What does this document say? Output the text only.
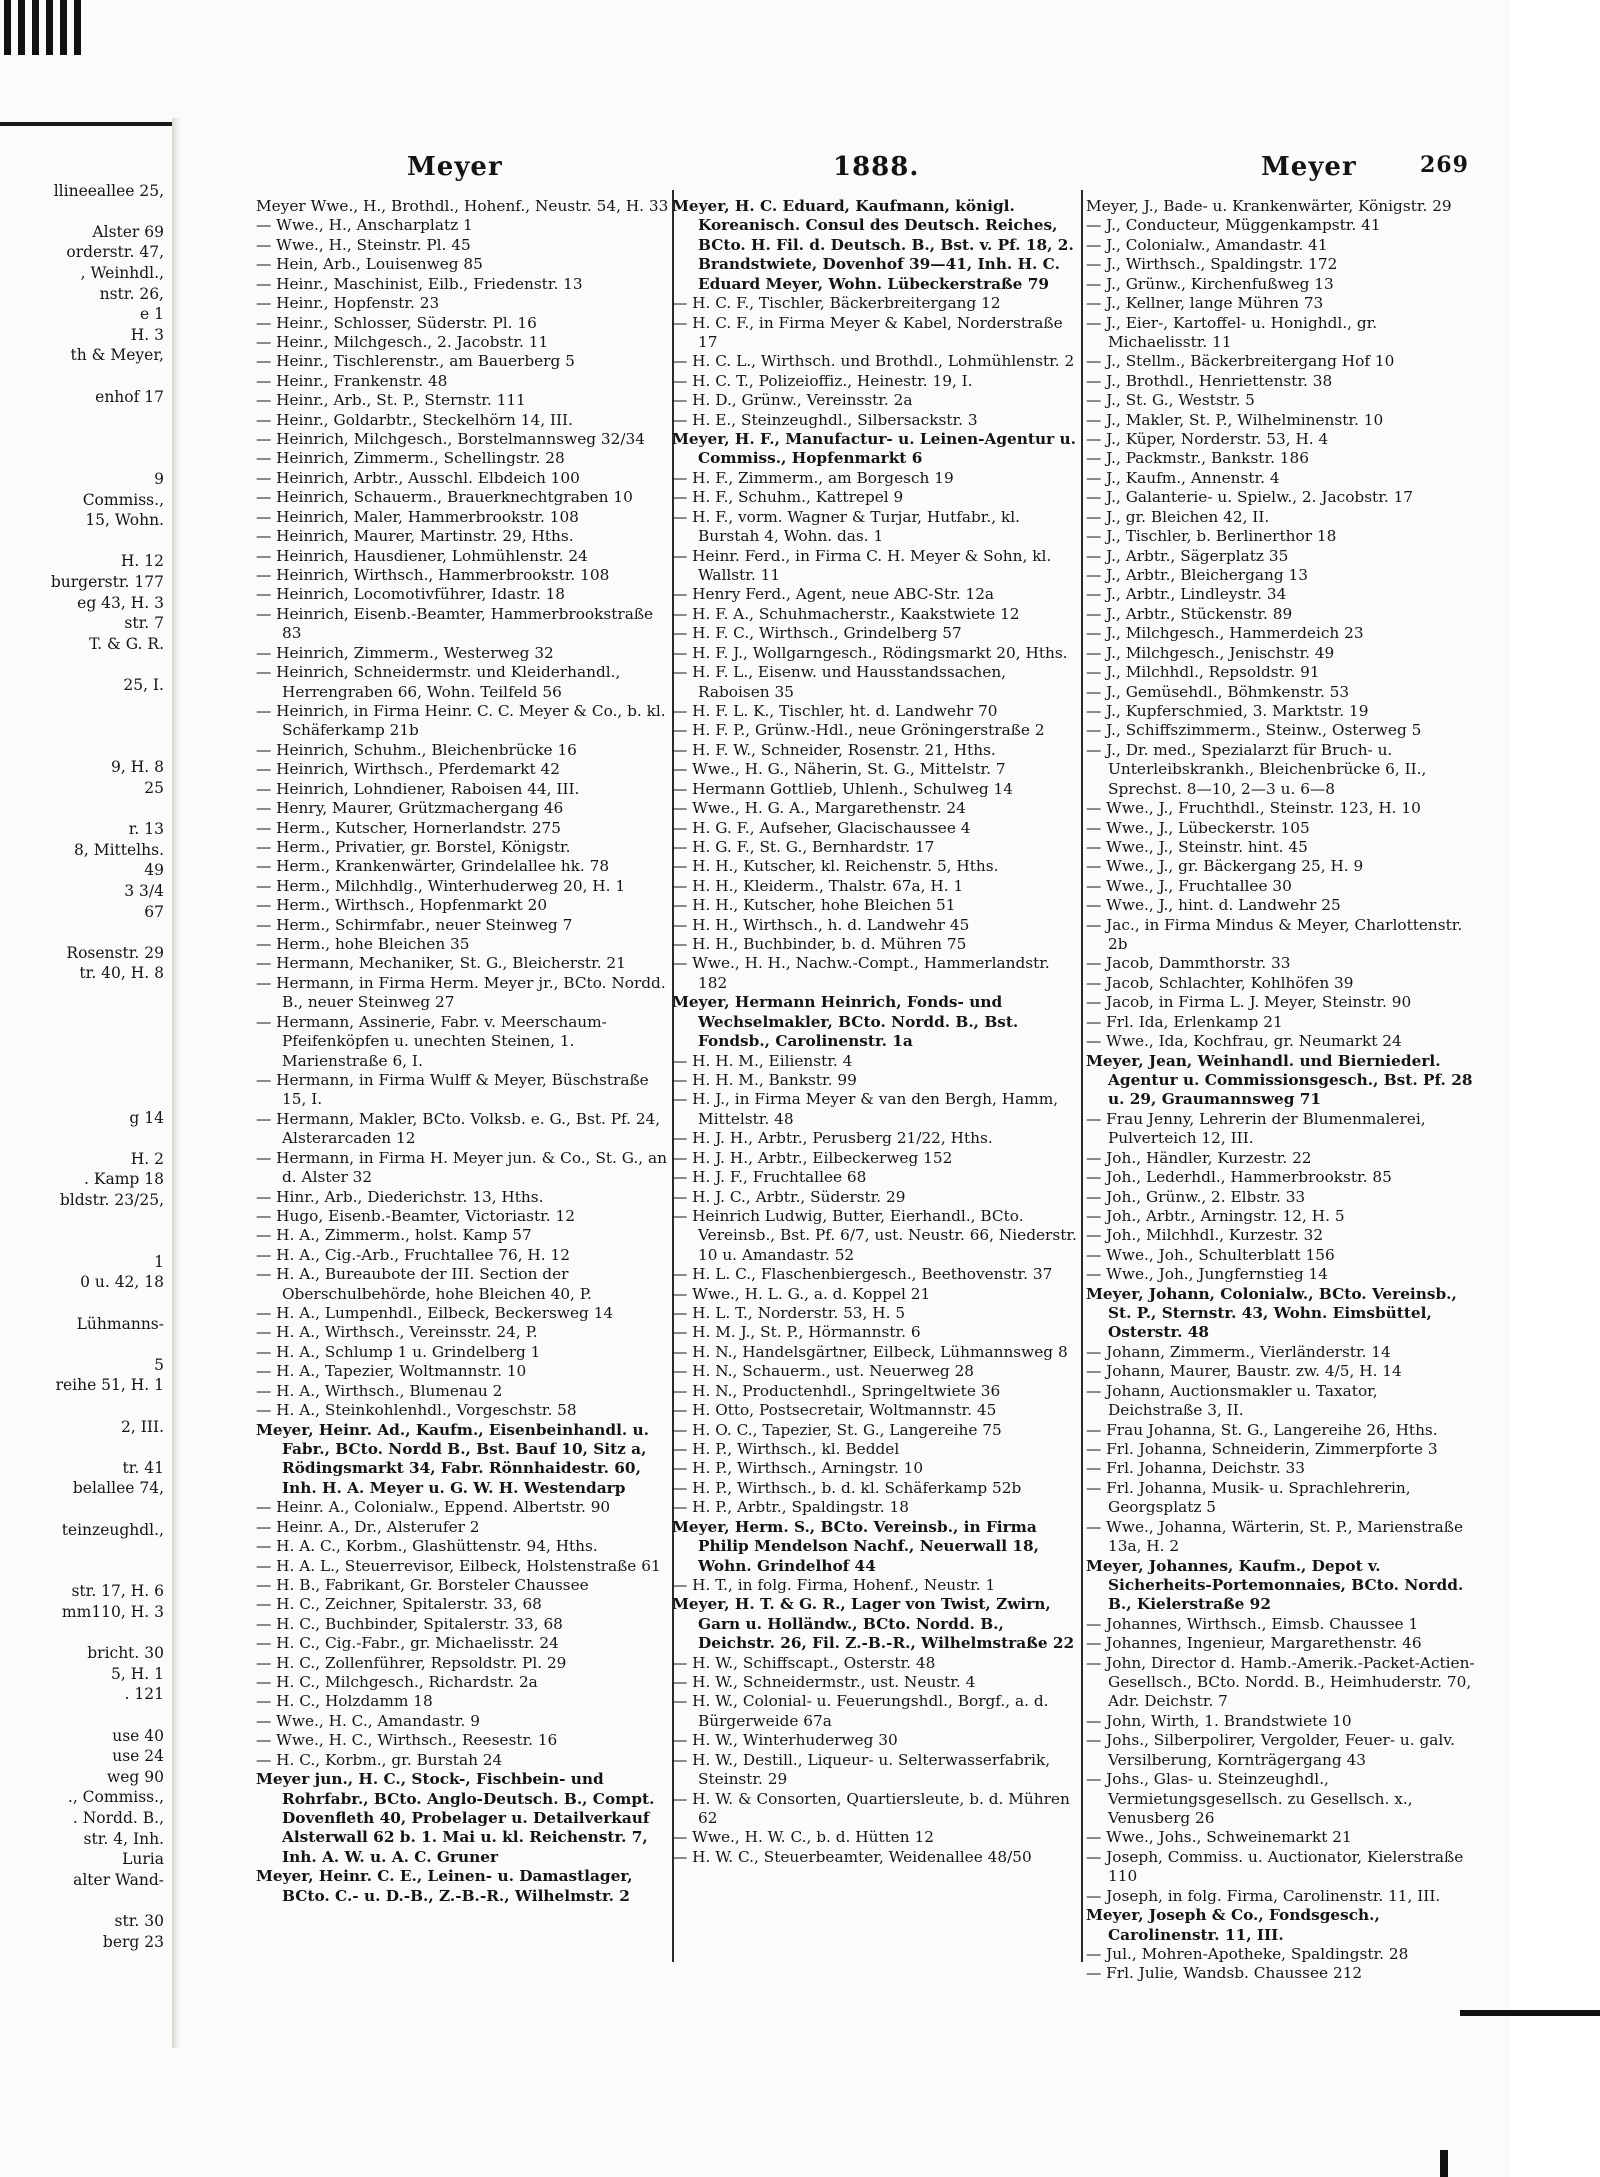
llineeallee 25,
Alster 69
orderstr. 47,
, Weinhdl.,
nstr. 26,
e 1
H. 3
th & Meyer,
enhof 17
9
Commiss.,
15, Wohn.
H. 12
burgerstr. 177
eg 43, H. 3
str. 7
T. & G. R.
25, I.
9, H. 8
25
r. 13
8, Mittelhs.
49
3 3/4
67
Rosenstr. 29
tr. 40, H. 8
g 14
H. 2
. Kamp 18
bldstr. 23/25,
1
0 u. 42, 18
Lühmanns-
5
reihe 51, H. 1
2, III.
tr. 41
belallee 74,
teinzeughdl.,
str. 17, H. 6
mm110, H. 3
bricht. 30
5, H. 1
. 121
use 40
use 24
weg 90
., Commiss.,
. Nordd. B.,
str. 4, Inh.
Luria
alter Wand-
str. 30
berg 23
Meyer	1888.	Meyer	269

Meyer Wwe., H., Brothdl., Hohenf., Neustr. 54, H. 33

— Wwe., H., Anscharplatz 1

— Wwe., H., Steinstr. Pl. 45

— Hein, Arb., Louisenweg 85

— Heinr., Maschinist, Eilb., Friedenstr. 13

— Heinr., Hopfenstr. 23

— Heinr., Schlosser, Süderstr. Pl. 16

— Heinr., Milchgesch., 2. Jacobstr. 11

— Heinr., Tischlerenstr., am Bauerberg 5

— Heinr., Frankenstr. 48

— Heinr., Arb., St. P., Sternstr. 111

— Heinr., Goldarbtr., Steckelhörn 14, III.

— Heinrich, Milchgesch., Borstelmannsweg 32/34

— Heinrich, Zimmerm., Schellingstr. 28

— Heinrich, Arbtr., Ausschl. Elbdeich 100

— Heinrich, Schauerm., Brauerknechtgraben 10

— Heinrich, Maler, Hammerbrookstr. 108

— Heinrich, Maurer, Martinstr. 29, Hths.

— Heinrich, Hausdiener, Lohmühlenstr. 24

— Heinrich, Wirthsch., Hammerbrookstr. 108

— Heinrich, Locomotivführer, Idastr. 18

— Heinrich, Eisenb.-Beamter, Hammerbrookstraße 83

— Heinrich, Zimmerm., Westerweg 32

— Heinrich, Schneidermstr. und Kleiderhandl., Herrengraben 66, Wohn. Teilfeld 56

— Heinrich, in Firma Heinr. C. C. Meyer & Co., b. kl. Schäferkamp 21b

— Heinrich, Schuhm., Bleichenbrücke 16

— Heinrich, Wirthsch., Pferdemarkt 42

— Heinrich, Lohndiener, Raboisen 44, III.

— Henry, Maurer, Grützmachergang 46

— Herm., Kutscher, Hornerlandstr. 275

— Herm., Privatier, gr. Borstel, Königstr.

— Herm., Krankenwärter, Grindelallee hk. 78

— Herm., Milchhdlg., Winterhuderweg 20, H. 1

— Herm., Wirthsch., Hopfenmarkt 20

— Herm., Schirmfabr., neuer Steinweg 7

— Herm., hohe Bleichen 35

— Hermann, Mechaniker, St. G., Bleicherstr. 21

— Hermann, in Firma Herm. Meyer jr., BCto. Nordd. B., neuer Steinweg 27

— Hermann, Assinerie, Fabr. v. Meerschaum-Pfeifenköpfen u. unechten Steinen, 1. Marienstraße 6, I.

— Hermann, in Firma Wulff & Meyer, Büschstraße 15, I.

— Hermann, Makler, BCto. Volksb. e. G., Bst. Pf. 24, Alsterarcaden 12

— Hermann, in Firma H. Meyer jun. & Co., St. G., an d. Alster 32

— Hinr., Arb., Diederichstr. 13, Hths.

— Hugo, Eisenb.-Beamter, Victoriastr. 12

— H. A., Zimmerm., holst. Kamp 57

— H. A., Cig.-Arb., Fruchtallee 76, H. 12

— H. A., Bureaubote der III. Section der Oberschulbehörde, hohe Bleichen 40, P.

— H. A., Lumpenhdl., Eilbeck, Beckersweg 14

— H. A., Wirthsch., Vereinsstr. 24, P.

— H. A., Schlump 1 u. Grindelberg 1

— H. A., Tapezier, Woltmannstr. 10

— H. A., Wirthsch., Blumenau 2

— H. A., Steinkohlenhdl., Vorgeschstr. 58

Meyer, Heinr. Ad., Kaufm., Eisenbeinhandl. u. Fabr., BCto. Nordd B., Bst. Bauf 10, Sitz a, Rödingsmarkt 34, Fabr. Rönnhaidestr. 60, Inh. H. A. Meyer u. G. W. H. Westendarp

— Heinr. A., Colonialw., Eppend. Albertstr. 90

— Heinr. A., Dr., Alsterufer 2

— H. A. C., Korbm., Glashüttenstr. 94, Hths.

— H. A. L., Steuerrevisor, Eilbeck, Holstenstraße 61

— H. B., Fabrikant, Gr. Borsteler Chaussee

— H. C., Zeichner, Spitalerstr. 33, 68

— H. C., Buchbinder, Spitalerstr. 33, 68

— H. C., Cig.-Fabr., gr. Michaelisstr. 24

— H. C., Zollenführer, Repsoldstr. Pl. 29

— H. C., Milchgesch., Richardstr. 2a

— H. C., Holzdamm 18

— Wwe., H. C., Amandastr. 9

— Wwe., H. C., Wirthsch., Reesestr. 16

— H. C., Korbm., gr. Burstah 24

Meyer jun., H. C., Stock-, Fischbein- und Rohrfabr., BCto. Anglo-Deutsch. B., Compt. Dovenfleth 40, Probelager u. Detailverkauf Alsterwall 62 b. 1. Mai u. kl. Reichenstr. 7, Inh. A. W. u. A. C. Gruner

Meyer, Heinr. C. E., Leinen- u. Damastlager, BCto. C.- u. D.-B., Z.-B.-R., Wilhelmstr. 2

Meyer, H. C. Eduard, Kaufmann, königl. Koreanisch. Consul des Deutsch. Reiches, BCto. H. Fil. d. Deutsch. B., Bst. v. Pf. 18, 2. Brandstwiete, Dovenhof 39—41, Inh. H. C. Eduard Meyer, Wohn. Lübeckerstraße 79

— H. C. F., Tischler, Bäckerbreitergang 12

— H. C. F., in Firma Meyer & Kabel, Norderstraße 17

— H. C. L., Wirthsch. und Brothdl., Lohmühlenstr. 2

— H. C. T., Polizeioffiz., Heinestr. 19, I.

— H. D., Grünw., Vereinsstr. 2a

— H. E., Steinzeughdl., Silbersackstr. 3

Meyer, H. F., Manufactur- u. Leinen-Agentur u. Commiss., Hopfenmarkt 6

— H. F., Zimmerm., am Borgesch 19

— H. F., Schuhm., Kattrepel 9

— H. F., vorm. Wagner & Turjar, Hutfabr., kl. Burstah 4, Wohn. das. 1

— Heinr. Ferd., in Firma C. H. Meyer & Sohn, kl. Wallstr. 11

— Henry Ferd., Agent, neue ABC-Str. 12a

— H. F. A., Schuhmacherstr., Kaakstwiete 12

— H. F. C., Wirthsch., Grindelberg 57

— H. F. J., Wollgarngesch., Rödingsmarkt 20, Hths.

— H. F. L., Eisenw. und Hausstandssachen, Raboisen 35

— H. F. L. K., Tischler, ht. d. Landwehr 70

— H. F. P., Grünw.-Hdl., neue Gröningerstraße 2

— H. F. W., Schneider, Rosenstr. 21, Hths.

— Wwe., H. G., Näherin, St. G., Mittelstr. 7

— Hermann Gottlieb, Uhlenh., Schulweg 14

— Wwe., H. G. A., Margarethenstr. 24

— H. G. F., Aufseher, Glacischaussee 4

— H. G. F., St. G., Bernhardstr. 17

— H. H., Kutscher, kl. Reichenstr. 5, Hths.

— H. H., Kleiderm., Thalstr. 67a, H. 1

— H. H., Kutscher, hohe Bleichen 51

— H. H., Wirthsch., h. d. Landwehr 45

— H. H., Buchbinder, b. d. Mühren 75

— Wwe., H. H., Nachw.-Compt., Hammerlandstr. 182

Meyer, Hermann Heinrich, Fonds- und Wechselmakler, BCto. Nordd. B., Bst. Fondsb., Carolinenstr. 1a

— H. H. M., Eilienstr. 4

— H. H. M., Bankstr. 99

— H. J., in Firma Meyer & van den Bergh, Hamm, Mittelstr. 48

— H. J. H., Arbtr., Perusberg 21/22, Hths.

— H. J. H., Arbtr., Eilbeckerweg 152

— H. J. F., Fruchtallee 68

— H. J. C., Arbtr., Süderstr. 29

— Heinrich Ludwig, Butter, Eierhandl., BCto. Vereinsb., Bst. Pf. 6/7, ust. Neustr. 66, Niederstr. 10 u. Amandastr. 52

— H. L. C., Flaschenbiergesch., Beethovenstr. 37

— Wwe., H. L. G., a. d. Koppel 21

— H. L. T., Norderstr. 53, H. 5

— H. M. J., St. P., Hörmannstr. 6

— H. N., Handelsgärtner, Eilbeck, Lühmannsweg 8

— H. N., Schauerm., ust. Neuerweg 28

— H. N., Productenhdl., Springeltwiete 36

— H. Otto, Postsecretair, Woltmannstr. 45

— H. O. C., Tapezier, St. G., Langereihe 75

— H. P., Wirthsch., kl. Beddel

— H. P., Wirthsch., Arningstr. 10

— H. P., Wirthsch., b. d. kl. Schäferkamp 52b

— H. P., Arbtr., Spaldingstr. 18

Meyer, Herm. S., BCto. Vereinsb., in Firma Philip Mendelson Nachf., Neuerwall 18, Wohn. Grindelhof 44

— H. T., in folg. Firma, Hohenf., Neustr. 1

Meyer, H. T. & G. R., Lager von Twist, Zwirn, Garn u. Holländw., BCto. Nordd. B., Deichstr. 26, Fil. Z.-B.-R., Wilhelmstraße 22

— H. W., Schiffscapt., Osterstr. 48

— H. W., Schneidermstr., ust. Neustr. 4

— H. W., Colonial- u. Feuerungshdl., Borgf., a. d. Bürgerweide 67a

— H. W., Winterhuderweg 30

— H. W., Destill., Liqueur- u. Selterwasserfabrik, Steinstr. 29

— H. W. & Consorten, Quartiersleute, b. d. Mühren 62

— Wwe., H. W. C., b. d. Hütten 12

— H. W. C., Steuerbeamter, Weidenallee 48/50

Meyer, J., Bade- u. Krankenwärter, Königstr. 29

— J., Conducteur, Müggenkampstr. 41

— J., Colonialw., Amandastr. 41

— J., Wirthsch., Spaldingstr. 172

— J., Grünw., Kirchenfußweg 13

— J., Kellner, lange Mühren 73

— J., Eier-, Kartoffel- u. Honighdl., gr. Michaelisstr. 11

— J., Stellm., Bäckerbreitergang Hof 10

— J., Brothdl., Henriettenstr. 38

— J., St. G., Weststr. 5

— J., Makler, St. P., Wilhelminenstr. 10

— J., Küper, Norderstr. 53, H. 4

— J., Packmstr., Bankstr. 186

— J., Kaufm., Annenstr. 4

— J., Galanterie- u. Spielw., 2. Jacobstr. 17

— J., gr. Bleichen 42, II.

— J., Tischler, b. Berlinerthor 18

— J., Arbtr., Sägerplatz 35

— J., Arbtr., Bleichergang 13

— J., Arbtr., Lindleystr. 34

— J., Arbtr., Stückenstr. 89

— J., Milchgesch., Hammerdeich 23

— J., Milchgesch., Jenischstr. 49

— J., Milchhdl., Repsoldstr. 91

— J., Gemüsehdl., Böhmkenstr. 53

— J., Kupferschmied, 3. Marktstr. 19

— J., Schiffszimmerm., Steinw., Osterweg 5

— J., Dr. med., Spezialarzt für Bruch- u. Unterleibskrankh., Bleichenbrücke 6, II., Sprechst. 8—10, 2—3 u. 6—8

— Wwe., J., Fruchthdl., Steinstr. 123, H. 10

— Wwe., J., Lübeckerstr. 105

— Wwe., J., Steinstr. hint. 45

— Wwe., J., gr. Bäckergang 25, H. 9

— Wwe., J., Fruchtallee 30

— Wwe., J., hint. d. Landwehr 25

— Jac., in Firma Mindus & Meyer, Charlottenstr. 2b

— Jacob, Dammthorstr. 33

— Jacob, Schlachter, Kohlhöfen 39

— Jacob, in Firma L. J. Meyer, Steinstr. 90

— Frl. Ida, Erlenkamp 21

— Wwe., Ida, Kochfrau, gr. Neumarkt 24

Meyer, Jean, Weinhandl. und Bierniederl. Agentur u. Commissionsgesch., Bst. Pf. 28 u. 29, Graumannsweg 71

— Frau Jenny, Lehrerin der Blumenmalerei, Pulverteich 12, III.

— Joh., Händler, Kurzestr. 22

— Joh., Lederhdl., Hammerbrookstr. 85

— Joh., Grünw., 2. Elbstr. 33

— Joh., Arbtr., Arningstr. 12, H. 5

— Joh., Milchhdl., Kurzestr. 32

— Wwe., Joh., Schulterblatt 156

— Wwe., Joh., Jungfernstieg 14

Meyer, Johann, Colonialw., BCto. Vereinsb., St. P., Sternstr. 43, Wohn. Eimsbüttel, Osterstr. 48

— Johann, Zimmerm., Vierländerstr. 14

— Johann, Maurer, Baustr. zw. 4/5, H. 14

— Johann, Auctionsmakler u. Taxator, Deichstraße 3, II.

— Frau Johanna, St. G., Langereihe 26, Hths.

— Frl. Johanna, Schneiderin, Zimmerpforte 3

— Frl. Johanna, Deichstr. 33

— Frl. Johanna, Musik- u. Sprachlehrerin, Georgsplatz 5

— Wwe., Johanna, Wärterin, St. P., Marienstraße 13a, H. 2

Meyer, Johannes, Kaufm., Depot v. Sicherheits-Portemonnaies, BCto. Nordd. B., Kielerstraße 92

— Johannes, Wirthsch., Eimsb. Chaussee 1

— Johannes, Ingenieur, Margarethenstr. 46

— John, Director d. Hamb.-Amerik.-Packet-Actien-Gesellsch., BCto. Nordd. B., Heimhuderstr. 70, Adr. Deichstr. 7

— John, Wirth, 1. Brandstwiete 10

— Johs., Silberpolirer, Vergolder, Feuer- u. galv. Versilberung, Kornträgergang 43

— Johs., Glas- u. Steinzeughdl., Vermietungsgesellsch. zu Gesellsch. x., Venusberg 26

— Wwe., Johs., Schweinemarkt 21

— Joseph, Commiss. u. Auctionator, Kielerstraße 110

— Joseph, in folg. Firma, Carolinenstr. 11, III.

Meyer, Joseph & Co., Fondsgesch., Carolinenstr. 11, III.

— Jul., Mohren-Apotheke, Spaldingstr. 28

— Frl. Julie, Wandsb. Chaussee 212
